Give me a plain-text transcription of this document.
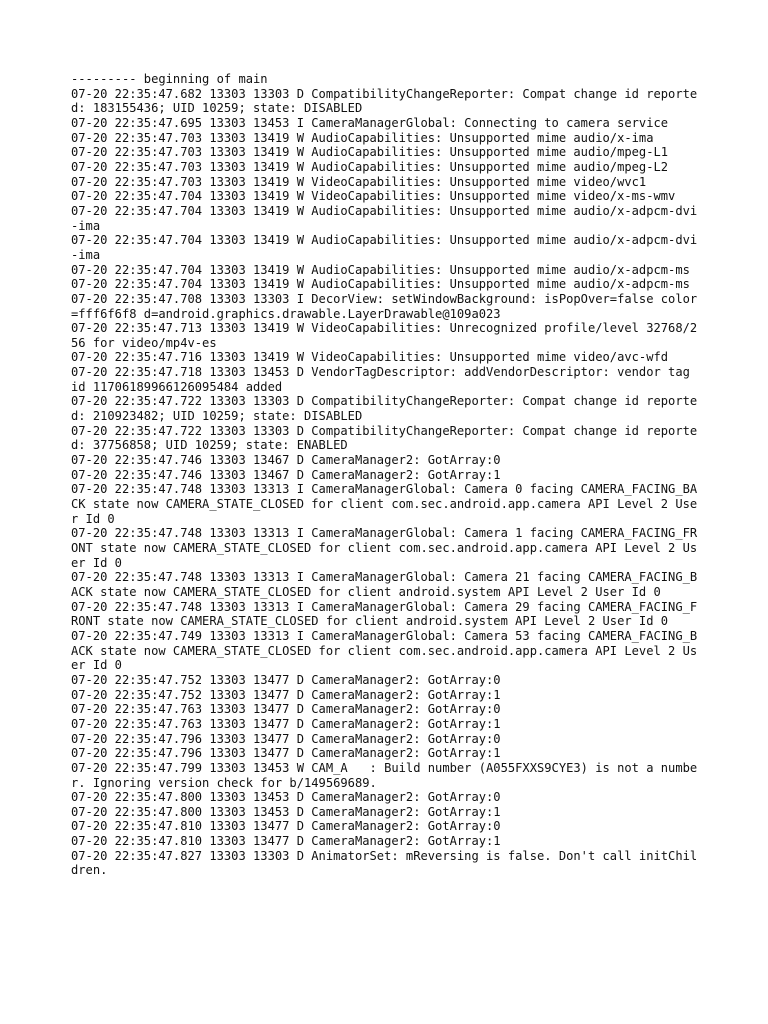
--------- beginning of main

07-20 22:35:47.682 13303 13303 D CompatibilityChangeReporter: Compat change id reported: 183155436; UID 10259; state: DISABLED

07-20 22:35:47.695 13303 13453 I CameraManagerGlobal: Connecting to camera service

07-20 22:35:47.703 13303 13419 W AudioCapabilities: Unsupported mime audio/x-ima

07-20 22:35:47.703 13303 13419 W AudioCapabilities: Unsupported mime audio/mpeg-L1

07-20 22:35:47.703 13303 13419 W AudioCapabilities: Unsupported mime audio/mpeg-L2

07-20 22:35:47.703 13303 13419 W VideoCapabilities: Unsupported mime video/wvc1

07-20 22:35:47.704 13303 13419 W VideoCapabilities: Unsupported mime video/x-ms-wmv

07-20 22:35:47.704 13303 13419 W AudioCapabilities: Unsupported mime audio/x-adpcm-dvi-ima

07-20 22:35:47.704 13303 13419 W AudioCapabilities: Unsupported mime audio/x-adpcm-dvi-ima

07-20 22:35:47.704 13303 13419 W AudioCapabilities: Unsupported mime audio/x-adpcm-ms

07-20 22:35:47.704 13303 13419 W AudioCapabilities: Unsupported mime audio/x-adpcm-ms

07-20 22:35:47.708 13303 13303 I DecorView: setWindowBackground: isPopOver=false color=fff6f6f8 d=android.graphics.drawable.LayerDrawable@109a023

07-20 22:35:47.713 13303 13419 W VideoCapabilities: Unrecognized profile/level 32768/256 for video/mp4v-es

07-20 22:35:47.716 13303 13419 W VideoCapabilities: Unsupported mime video/avc-wfd

07-20 22:35:47.718 13303 13453 D VendorTagDescriptor: addVendorDescriptor: vendor tag id 11706189966126095484 added

07-20 22:35:47.722 13303 13303 D CompatibilityChangeReporter: Compat change id reported: 210923482; UID 10259; state: DISABLED

07-20 22:35:47.722 13303 13303 D CompatibilityChangeReporter: Compat change id reported: 37756858; UID 10259; state: ENABLED

07-20 22:35:47.746 13303 13467 D CameraManager2: GotArray:0

07-20 22:35:47.746 13303 13467 D CameraManager2: GotArray:1

07-20 22:35:47.748 13303 13313 I CameraManagerGlobal: Camera 0 facing CAMERA_FACING_BACK state now CAMERA_STATE_CLOSED for client com.sec.android.app.camera API Level 2 User Id 0

07-20 22:35:47.748 13303 13313 I CameraManagerGlobal: Camera 1 facing CAMERA_FACING_FRONT state now CAMERA_STATE_CLOSED for client com.sec.android.app.camera API Level 2 User Id 0

07-20 22:35:47.748 13303 13313 I CameraManagerGlobal: Camera 21 facing CAMERA_FACING_BACK state now CAMERA_STATE_CLOSED for client android.system API Level 2 User Id 0

07-20 22:35:47.748 13303 13313 I CameraManagerGlobal: Camera 29 facing CAMERA_FACING_FRONT state now CAMERA_STATE_CLOSED for client android.system API Level 2 User Id 0

07-20 22:35:47.749 13303 13313 I CameraManagerGlobal: Camera 53 facing CAMERA_FACING_BACK state now CAMERA_STATE_CLOSED for client com.sec.android.app.camera API Level 2 User Id 0

07-20 22:35:47.752 13303 13477 D CameraManager2: GotArray:0

07-20 22:35:47.752 13303 13477 D CameraManager2: GotArray:1

07-20 22:35:47.763 13303 13477 D CameraManager2: GotArray:0

07-20 22:35:47.763 13303 13477 D CameraManager2: GotArray:1

07-20 22:35:47.796 13303 13477 D CameraManager2: GotArray:0

07-20 22:35:47.796 13303 13477 D CameraManager2: GotArray:1

07-20 22:35:47.799 13303 13453 W CAM_A   : Build number (A055FXXS9CYE3) is not a number. Ignoring version check for b/149569689.

07-20 22:35:47.800 13303 13453 D CameraManager2: GotArray:0

07-20 22:35:47.800 13303 13453 D CameraManager2: GotArray:1

07-20 22:35:47.810 13303 13477 D CameraManager2: GotArray:0

07-20 22:35:47.810 13303 13477 D CameraManager2: GotArray:1

07-20 22:35:47.827 13303 13303 D AnimatorSet: mReversing is false. Don't call initChildren.
